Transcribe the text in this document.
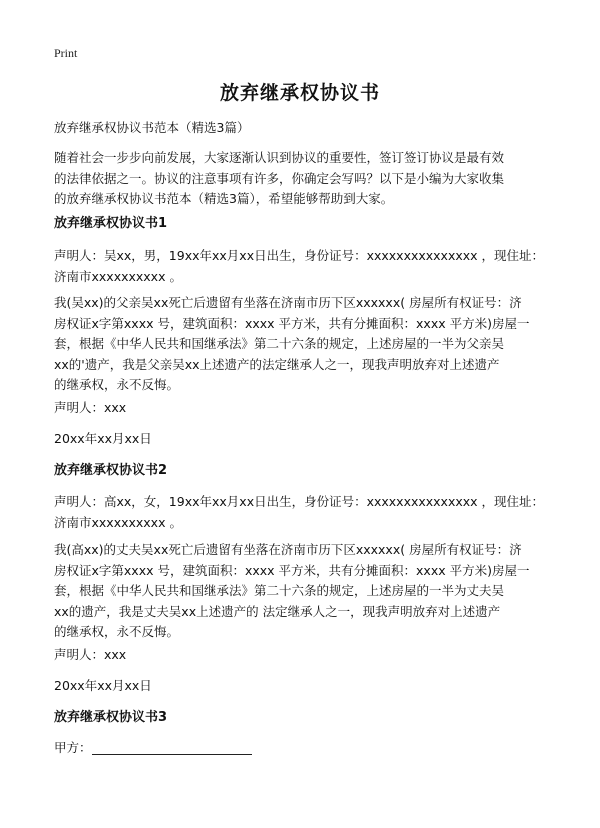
Print
放弃继承权协议书
放弃继承权协议书范本（精选3篇）
随着社会一步步向前发展，大家逐渐认识到协议的重要性，签订签订协议是最有效
的法律依据之一。协议的注意事项有许多，你确定会写吗？以下是小编为大家收集
的放弃继承权协议书范本（精选3篇），希望能够帮助到大家。
放弃继承权协议书1
声明人：吴xx，男，19xx年xx月xx日出生，身份证号：xxxxxxxxxxxxxxx ，现住址：
济南市xxxxxxxxxx 。
我(吴xx)的父亲吴xx死亡后遗留有坐落在济南市历下区xxxxxx( 房屋所有权证号：济
房权证x字第xxxx 号，建筑面积：xxxx 平方米，共有分摊面积：xxxx 平方米)房屋一
套，根据《中华人民共和国继承法》第二十六条的规定，上述房屋的一半为父亲吴
xx的'遗产，我是父亲吴xx上述遗产的法定继承人之一，现我声明放弃对上述遗产
的继承权，永不反悔。
声明人：xxx
20xx年xx月xx日
放弃继承权协议书2
声明人：高xx，女，19xx年xx月xx日出生，身份证号：xxxxxxxxxxxxxxx ，现住址：
济南市xxxxxxxxxx 。
我(高xx)的丈夫吴xx死亡后遗留有坐落在济南市历下区xxxxxx( 房屋所有权证号：济
房权证x字第xxxx 号，建筑面积：xxxx 平方米，共有分摊面积：xxxx 平方米)房屋一
套，根据《中华人民共和国继承法》第二十六条的规定，上述房屋的一半为丈夫吴
xx的遗产，我是丈夫吴xx上述遗产的 法定继承人之一，现我声明放弃对上述遗产
的继承权，永不反悔。
声明人：xxx
20xx年xx月xx日
放弃继承权协议书3
甲方：
